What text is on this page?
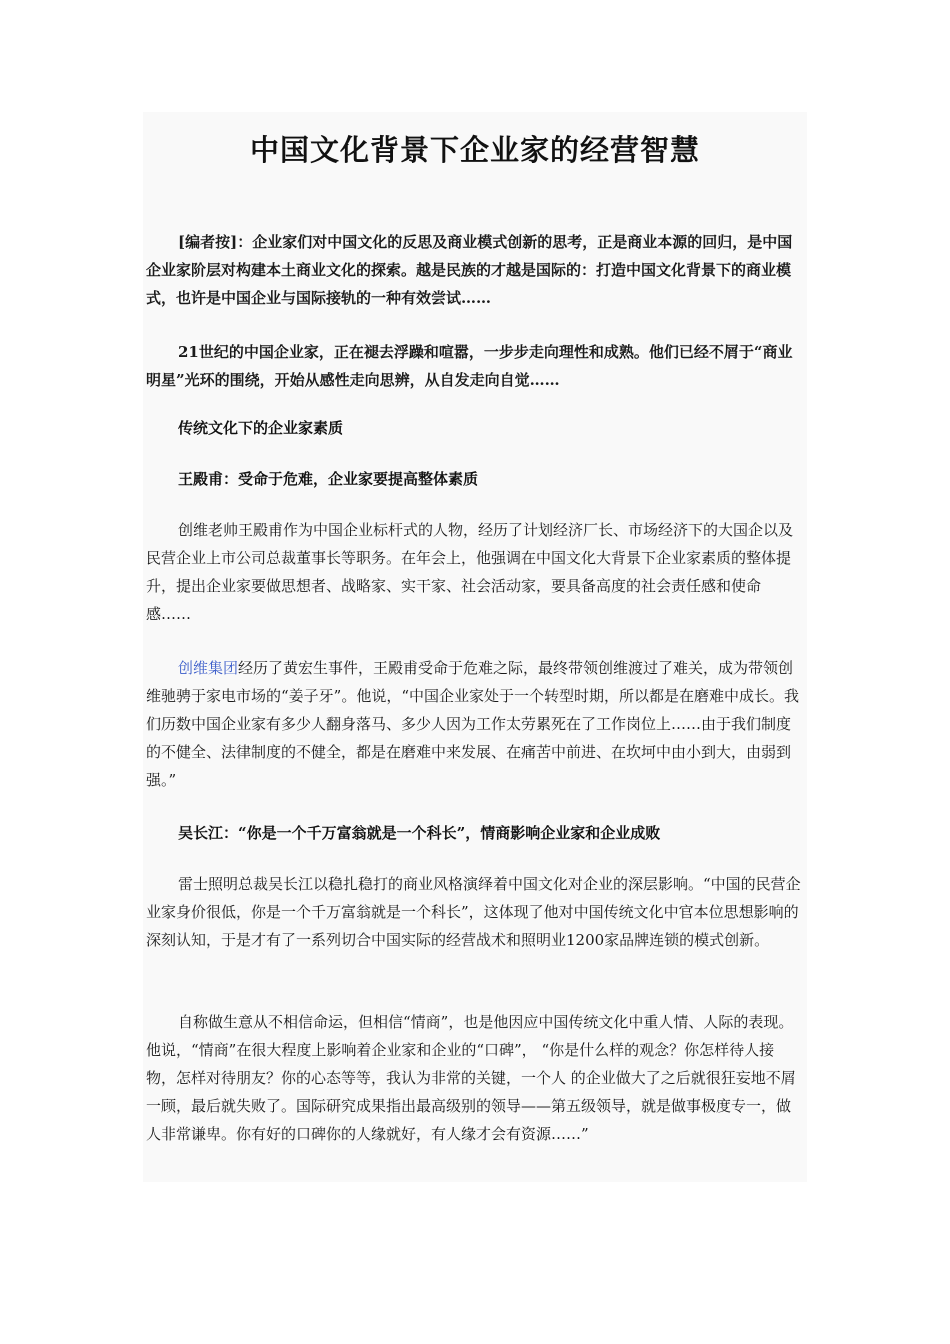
中国文化背景下企业家的经营智慧

[编者按]：企业家们对中国文化的反思及商业模式创新的思考，正是商业本源的回归，是中国企业家阶层对构建本土商业文化的探索。越是民族的才越是国际的：打造中国文化背景下的商业模式，也许是中国企业与国际接轨的一种有效尝试……

21世纪的中国企业家，正在褪去浮躁和喧嚣，一步步走向理性和成熟。他们已经不屑于“商业明星”光环的围绕，开始从感性走向思辨，从自发走向自觉……

传统文化下的企业家素质
王殿甫：受命于危难，企业家要提高整体素质

创维老帅王殿甫作为中国企业标杆式的人物，经历了计划经济厂长、市场经济下的大国企以及民营企业上市公司总裁董事长等职务。在年会上，他强调在中国文化大背景下企业家素质的整体提升，提出企业家要做思想者、战略家、实干家、社会活动家，要具备高度的社会责任感和使命感……

创维集团经历了黄宏生事件，王殿甫受命于危难之际，最终带领创维渡过了难关，成为带领创维驰骋于家电市场的“姜子牙”。他说，“中国企业家处于一个转型时期，所以都是在磨难中成长。我们历数中国企业家有多少人翻身落马、多少人因为工作太劳累死在了工作岗位上……由于我们制度的不健全、法律制度的不健全，都是在磨难中来发展、在痛苦中前进、在坎坷中由小到大，由弱到强。”

吴长江：“你是一个千万富翁就是一个科长”，情商影响企业家和企业成败

雷士照明总裁吴长江以稳扎稳打的商业风格演绎着中国文化对企业的深层影响。“中国的民营企业家身价很低，你是一个千万富翁就是一个科长”，这体现了他对中国传统文化中官本位思想影响的深刻认知，于是才有了一系列切合中国实际的经营战术和照明业1200家品牌连锁的模式创新。

自称做生意从不相信命运，但相信“情商”，也是他因应中国传统文化中重人情、人际的表现。他说，“情商”在很大程度上影响着企业家和企业的“口碑”， “你是什么样的观念？你怎样待人接物，怎样对待朋友？你的心态等等，我认为非常的关键，一个人 的企业做大了之后就很狂妄地不屑一顾，最后就失败了。国际研究成果指出最高级别的领导——第五级领导，就是做事极度专一，做人非常谦卑。你有好的口碑你的人缘就好，有人缘才会有资源……”
